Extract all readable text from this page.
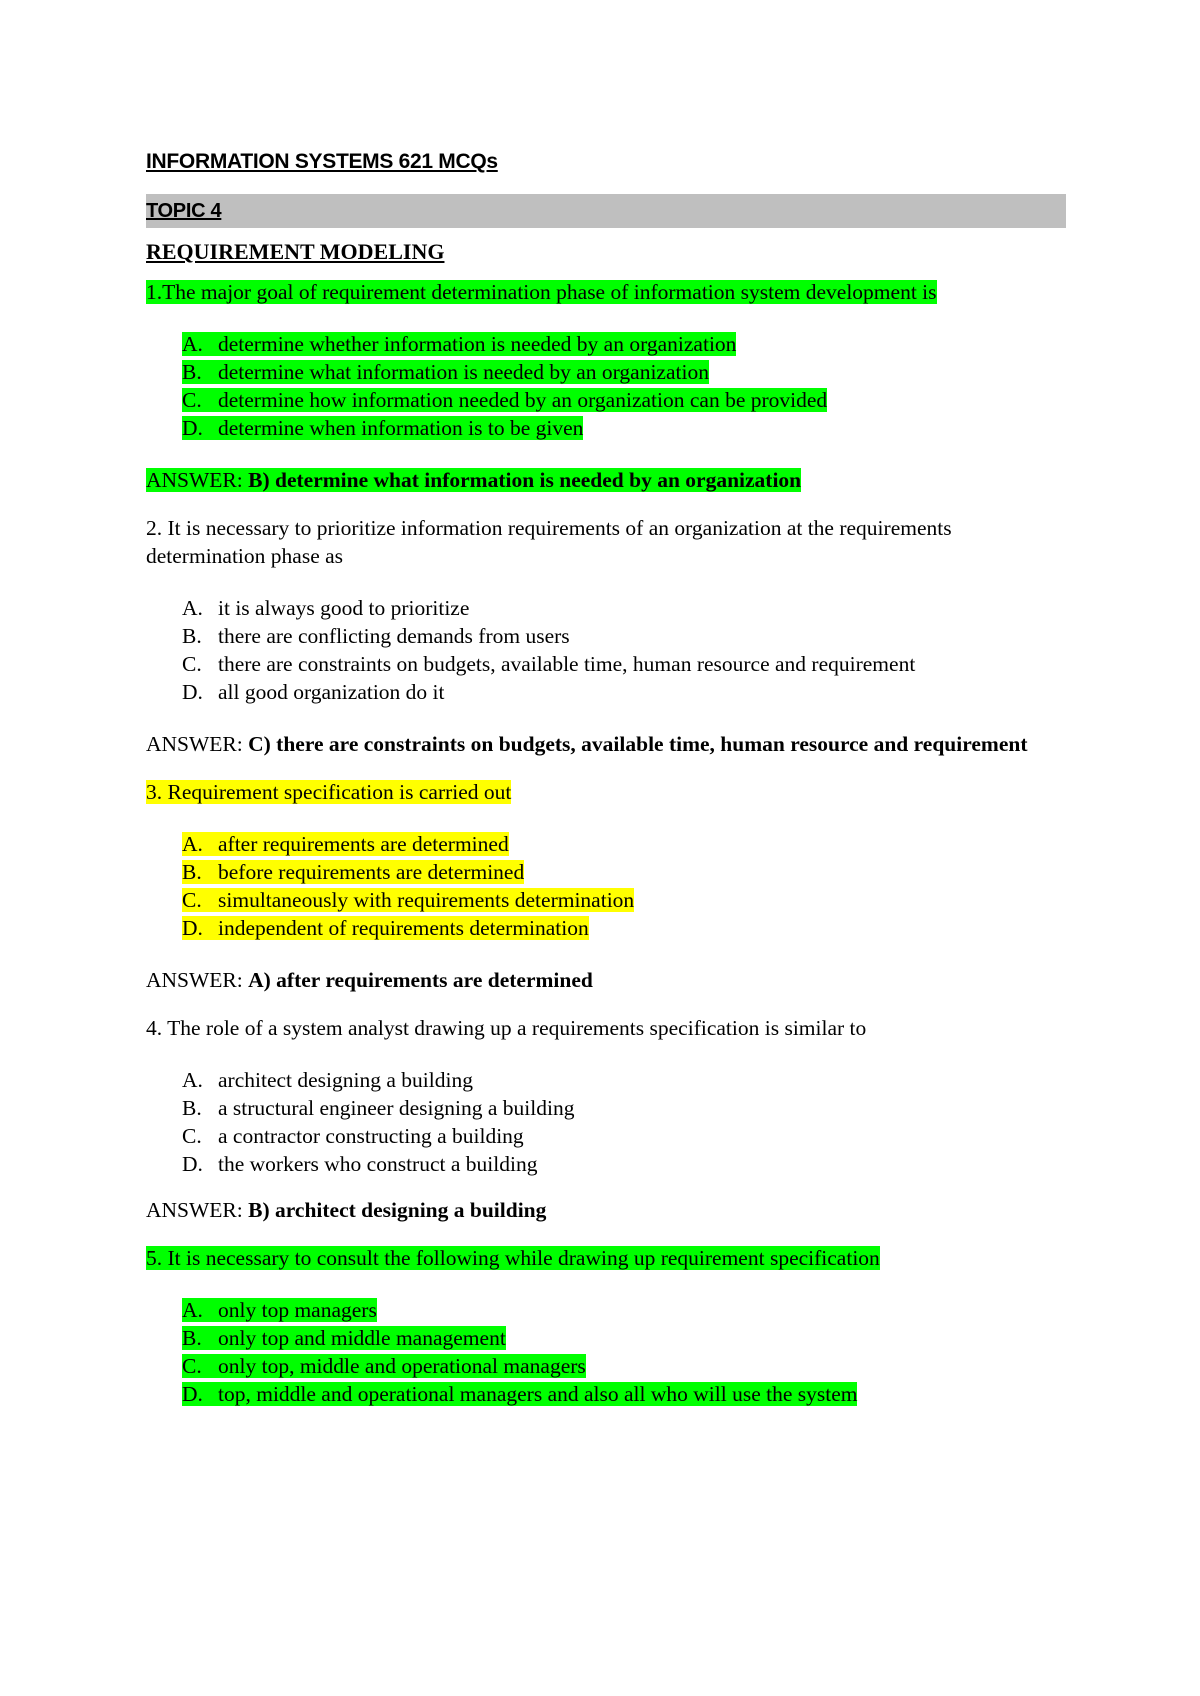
INFORMATION SYSTEMS 621 MCQs
TOPIC 4
REQUIREMENT MODELING
1.The major goal of requirement determination phase of information system development is
A. determine whether information is needed by an organization
B. determine what information is needed by an organization
C. determine how information needed by an organization can be provided
D. determine when information is to be given
ANSWER: B) determine what information is needed by an organization
2. It is necessary to prioritize information requirements of an organization at the requirements determination phase as
A. it is always good to prioritize
B. there are conflicting demands from users
C. there are constraints on budgets, available time, human resource and requirement
D. all good organization do it
ANSWER: C) there are constraints on budgets, available time, human resource and requirement
3. Requirement specification is carried out
A. after requirements are determined
B. before requirements are determined
C. simultaneously with requirements determination
D. independent of requirements determination
ANSWER: A) after requirements are determined
4. The role of a system analyst drawing up a requirements specification is similar to
A. architect designing a building
B. a structural engineer designing a building
C. a contractor constructing a building
D. the workers who construct a building
ANSWER: B) architect designing a building
5. It is necessary to consult the following while drawing up requirement specification
A. only top managers
B. only top and middle management
C. only top, middle and operational managers
D. top, middle and operational managers and also all who will use the system
